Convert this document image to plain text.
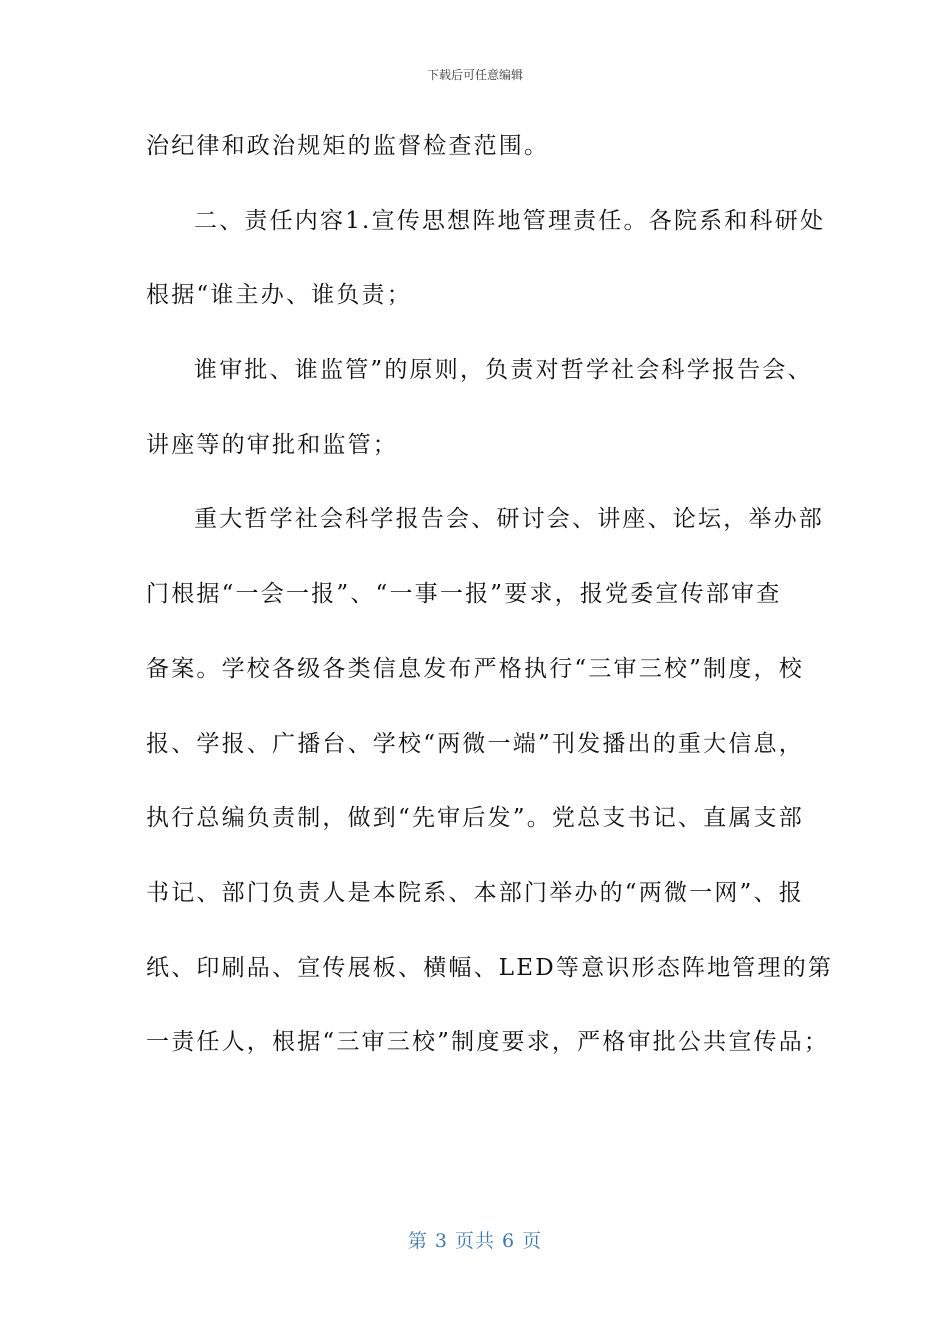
下载后可任意编辑
治纪律和政治规矩的监督检查范围。
二、责任内容1.宣传思想阵地管理责任。各院系和科研处
根据“谁主办、谁负责；
谁审批、谁监管”的原则，负责对哲学社会科学报告会、
讲座等的审批和监管；
重大哲学社会科学报告会、研讨会、讲座、论坛，举办部
门根据“一会一报”、“一事一报”要求，报党委宣传部审查
备案。学校各级各类信息发布严格执行“三审三校”制度，校
报、学报、广播台、学校“两微一端”刊发播出的重大信息，
执行总编负责制，做到“先审后发”。党总支书记、直属支部
书记、部门负责人是本院系、本部门举办的“两微一网”、报
纸、印刷品、宣传展板、横幅、LED等意识形态阵地管理的第
一责任人，根据“三审三校”制度要求，严格审批公共宣传品；
第 3 页共 6 页
